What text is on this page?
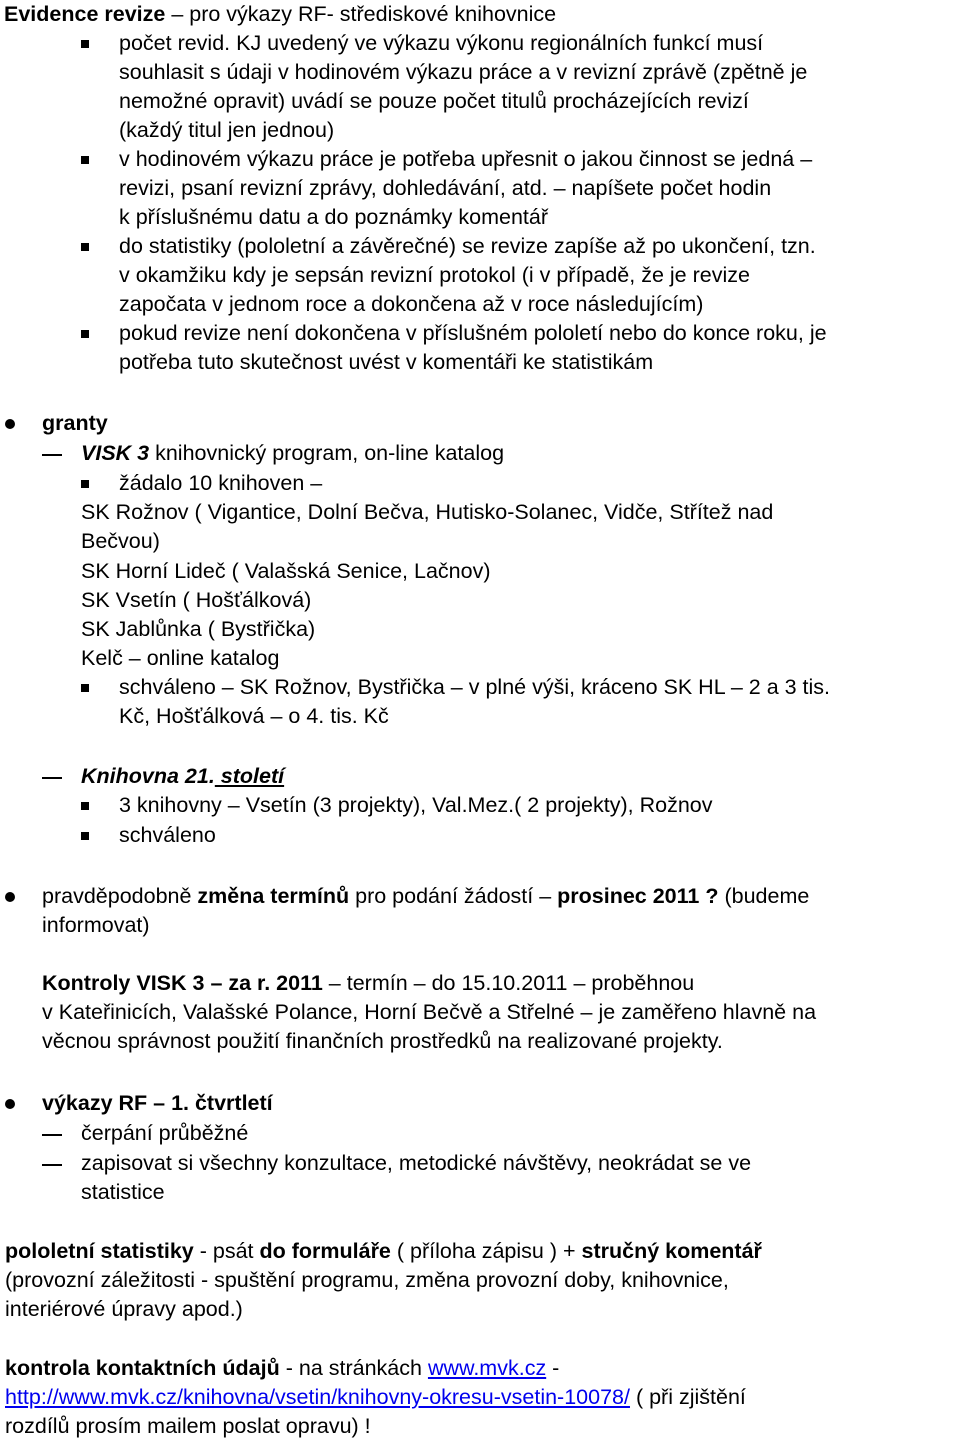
Evidence revize – pro výkazy RF- střediskové knihovnice
počet revid. KJ uvedený ve výkazu výkonu regionálních funkcí musí
souhlasit s údaji v hodinovém výkazu práce a v revizní zprávě (zpětně je
nemožné opravit) uvádí se pouze počet titulů procházejících revizí
(každý titul jen jednou)
v hodinovém výkazu práce je potřeba upřesnit o jakou činnost se jedná –
revizi, psaní revizní zprávy, dohledávání, atd. – napíšete počet hodin
k příslušnému datu a do poznámky komentář
do statistiky (pololetní a závěrečné) se revize zapíše až po ukončení, tzn.
v okamžiku kdy je sepsán revizní protokol (i v případě, že je revize
započata v jednom roce a dokončena až v roce následujícím)
pokud revize není dokončena v příslušném pololetí nebo do konce roku, je
potřeba tuto skutečnost uvést v komentáři ke statistikám
granty
VISK 3 knihovnický program, on-line katalog
žádalo 10 knihoven –
SK Rožnov ( Vigantice, Dolní Bečva, Hutisko-Solanec, Vidče, Střítež nad
Bečvou)
SK Horní Lideč ( Valašská Senice, Lačnov)
SK Vsetín ( Hošťálková)
SK Jablůnka ( Bystřička)
Kelč – online katalog
schváleno – SK Rožnov, Bystřička – v plné výši, kráceno SK HL – 2 a 3 tis.
Kč, Hošťálková – o 4. tis. Kč
Knihovna 21. století
3 knihovny – Vsetín (3 projekty), Val.Mez.( 2 projekty), Rožnov
schváleno
pravděpodobně změna termínů pro podání žádostí – prosinec 2011 ? (budeme
informovat)
Kontroly VISK 3 – za r. 2011 – termín – do 15.10.2011 – proběhnou
v Kateřinicích, Valašské Polance, Horní Bečvě a Střelné – je zaměřeno hlavně na
věcnou správnost použití finančních prostředků na realizované projekty.
výkazy RF – 1. čtvrtletí
čerpání průběžné
zapisovat si všechny konzultace, metodické návštěvy, neokrádat se ve
statistice
pololetní statistiky - psát do formuláře ( příloha zápisu ) + stručný komentář
(provozní záležitosti - spuštění programu, změna provozní doby, knihovnice,
interiérové úpravy apod.)
kontrola kontaktních údajů - na stránkách www.mvk.cz -
http://www.mvk.cz/knihovna/vsetin/knihovny-okresu-vsetin-10078/ ( při zjištění
rozdílů prosím mailem poslat opravu) !
